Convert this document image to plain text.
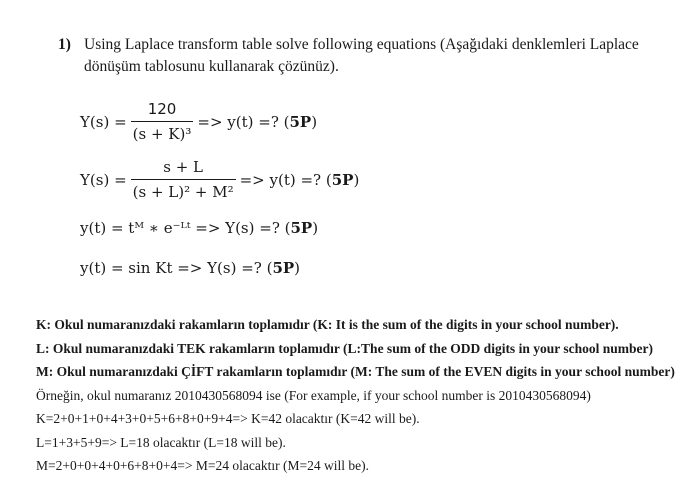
1) Using Laplace transform table solve following equations (Aşağıdaki denklemleri Laplace dönüşüm tablosunu kullanarak çözünüz).
$Y(s) = \frac{120}{\text{(s + K)³}} => y(t)$ =? ( 5P )
$Y(s) = \frac{s + L}{\text{(s + L)² + M²}} => y(t)$ =? ( 5P )
y(t) = tᴹ ∗ e⁻ᴸᵗ => Y(s) =? (5P)
y(t) = sin Kt => Y(s) =? (5P)
K: Okul numaranızdaki rakamların toplamıdır (K: It is the sum of the digits in your school number).
L: Okul numaranızdaki TEK rakamların toplamıdır (L:The sum of the ODD digits in your school number)
M: Okul numaranızdaki ÇİFT rakamların toplamıdır (M: The sum of the EVEN digits in your school number)
Örneğin, okul numaranız 2010430568094 ise (For example, if your school number is 2010430568094)
K=2+0+1+0+4+3+0+5+6+8+0+9+4=> K=42 olacaktır (K=42 will be).
L=1+3+5+9=> L=18 olacaktır (L=18 will be).
M=2+0+0+4+0+6+8+0+4=> M=24 olacaktır (M=24 will be).
